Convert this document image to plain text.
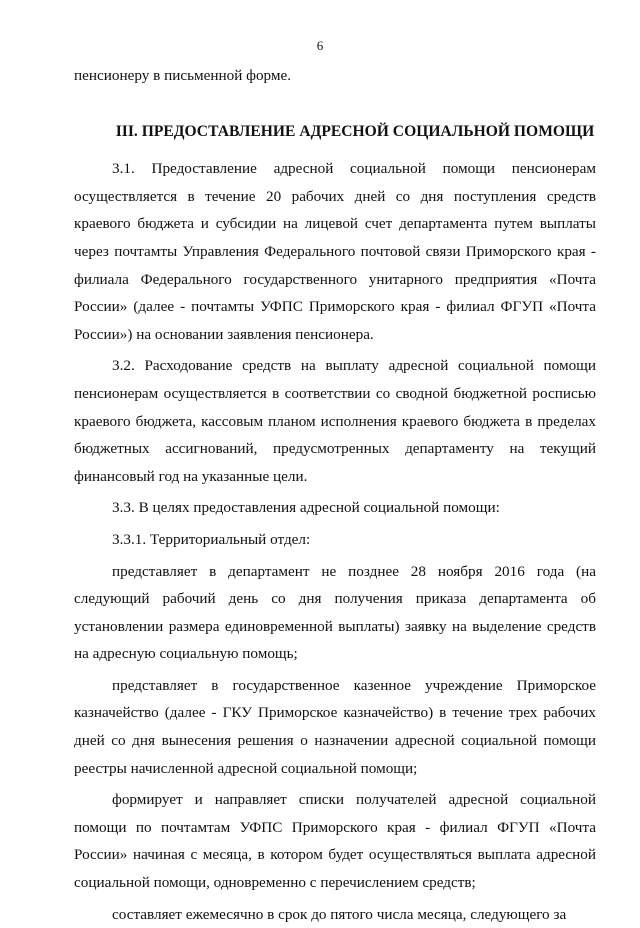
6

пенсионеру в письменной форме.

III. ПРЕДОСТАВЛЕНИЕ АДРЕСНОЙ СОЦИАЛЬНОЙ ПОМОЩИ

3.1. Предоставление адресной социальной помощи пенсионерам осуществляется в течение 20 рабочих дней со дня поступления средств краевого бюджета и субсидии на лицевой счет департамента путем выплаты через почтамты Управления Федерального почтовой связи Приморского края - филиала Федерального государственного унитарного предприятия «Почта России» (далее - почтамты УФПС Приморского края - филиал ФГУП «Почта России») на основании заявления пенсионера.

3.2. Расходование средств на выплату адресной социальной помощи пенсионерам осуществляется в соответствии со сводной бюджетной росписью краевого бюджета, кассовым планом исполнения краевого бюджета в пределах бюджетных ассигнований, предусмотренных департаменту на текущий финансовый год на указанные цели.

3.3. В целях предоставления адресной социальной помощи:

3.3.1. Территориальный отдел:

представляет в департамент не позднее 28 ноября 2016 года (на следующий рабочий день со дня получения приказа департамента об установлении размера единовременной выплаты) заявку на выделение средств на адресную социальную помощь;

представляет в государственное казенное учреждение Приморское казначейство (далее - ГКУ Приморское казначейство) в течение трех рабочих дней со дня вынесения решения о назначении адресной социальной помощи реестры начисленной адресной социальной помощи;

формирует и направляет списки получателей адресной социальной помощи по почтамтам УФПС Приморского края - филиал ФГУП «Почта России» начиная с месяца, в котором будет осуществляться выплата адресной социальной помощи, одновременно с перечислением средств;

составляет ежемесячно в срок до пятого числа месяца, следующего за
